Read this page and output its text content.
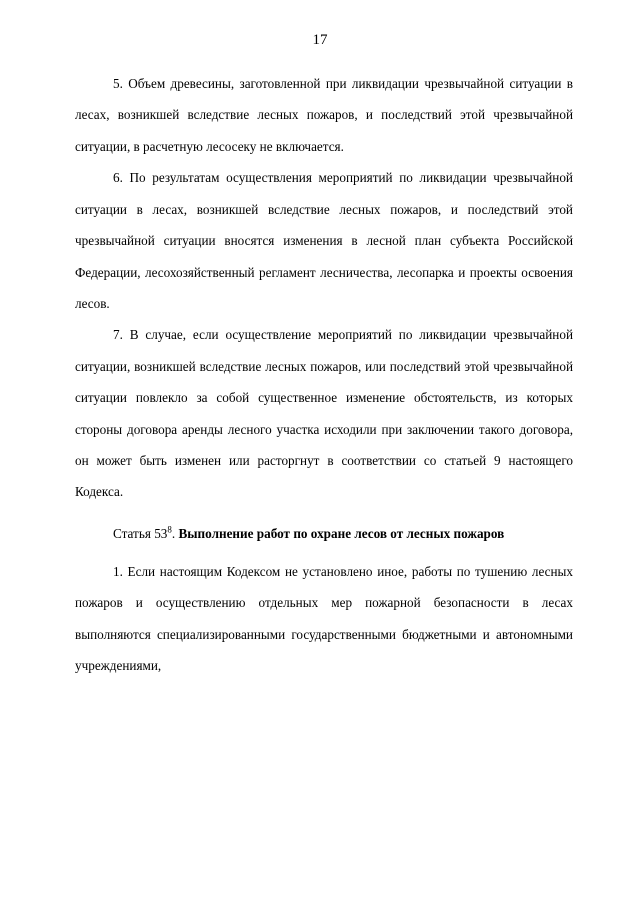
17

5. Объем древесины, заготовленной при ликвидации чрезвычайной ситуации в лесах, возникшей вследствие лесных пожаров, и последствий этой чрезвычайной ситуации, в расчетную лесосеку не включается.

6. По результатам осуществления мероприятий по ликвидации чрезвычайной ситуации в лесах, возникшей вследствие лесных пожаров, и последствий этой чрезвычайной ситуации вносятся изменения в лесной план субъекта Российской Федерации, лесохозяйственный регламент лесничества, лесопарка и проекты освоения лесов.

7. В случае, если осуществление мероприятий по ликвидации чрезвычайной ситуации, возникшей вследствие лесных пожаров, или последствий этой чрезвычайной ситуации повлекло за собой существенное изменение обстоятельств, из которых стороны договора аренды лесного участка исходили при заключении такого договора, он может быть изменен или расторгнут в соответствии со статьей 9 настоящего Кодекса.

Статья $53^8$. Выполнение работ по охране лесов от лесных пожаров

1. Если настоящим Кодексом не установлено иное, работы по тушению лесных пожаров и осуществлению отдельных мер пожарной безопасности в лесах выполняются специализированными государственными бюджетными и автономными учреждениями,
